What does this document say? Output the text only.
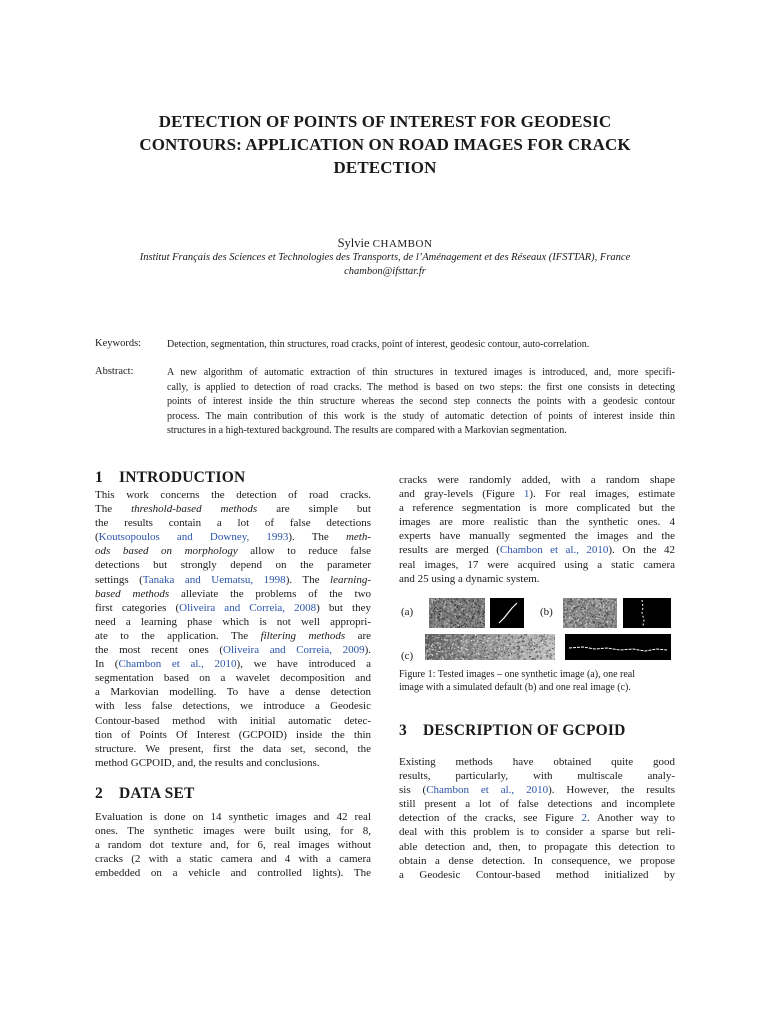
DETECTION OF POINTS OF INTEREST FOR GEODESIC
CONTOURS: APPLICATION ON ROAD IMAGES FOR CRACK
DETECTION
Sylvie CHAMBON
Institut Français des Sciences et Technologies des Transports, de l’Aménagement et des Réseaux (IFSTTAR), France
chambon@ifsttar.fr
Keywords:	Detection, segmentation, thin structures, road cracks, point of interest, geodesic contour, auto-correlation.
Abstract:	A new algorithm of automatic extraction of thin structures in textured images is introduced, and, more specifi-
cally, is applied to detection of road cracks. The method is based on two steps: the first one consists in detecting
points of interest inside the thin structure whereas the second step connects the points with a geodesic contour
process. The main contribution of this work is the study of automatic detection of points of interest inside thin
structures in a high-textured background. The results are compared with a Markovian segmentation.
1 INTRODUCTION
This work concerns the detection of road cracks.
The threshold-based methods are simple but
the results contain a lot of false detections
(Koutsopoulos and Downey, 1993). The meth-
ods based on morphology allow to reduce false
detections but strongly depend on the parameter
settings (Tanaka and Uematsu, 1998). The learning-
based methods alleviate the problems of the two
first categories (Oliveira and Correia, 2008) but they
need a learning phase which is not well appropri-
ate to the application. The filtering methods are
the most recent ones (Oliveira and Correia, 2009).
In (Chambon et al., 2010), we have introduced a
segmentation based on a wavelet decomposition and
a Markovian modelling. To have a dense detection
with less false detections, we introduce a Geodesic
Contour-based method with initial automatic detec-
tion of Points Of Interest (GCPOID) inside the thin
structure. We present, first the data set, second, the
method GCPOID, and, the results and conclusions.
2 DATA SET
Evaluation is done on 14 synthetic images and 42 real
ones. The synthetic images were built using, for 8,
a random dot texture and, for 6, real images without
cracks (2 with a static camera and 4 with a camera
embedded on a vehicle and controlled lights). The
cracks were randomly added, with a random shape
and gray-levels (Figure 1). For real images, estimate
a reference segmentation is more complicated but the
images are more realistic than the synthetic ones. 4
experts have manually segmented the images and the
results are merged (Chambon et al., 2010). On the 42
real images, 17 were acquired using a static camera
and 25 using a dynamic system.
(a)	(b)
(c)
Figure 1: Tested images – one synthetic image (a), one real
image with a simulated default (b) and one real image (c).
3 DESCRIPTION OF GCPOID
Existing methods have obtained quite good
results, particularly, with multiscale analy-
sis (Chambon et al., 2010). However, the results
still present a lot of false detections and incomplete
detection of the cracks, see Figure 2. Another way to
deal with this problem is to consider a sparse but reli-
able detection and, then, to propagate this detection to
obtain a dense detection. In consequence, we propose
a Geodesic Contour-based method initialized by
